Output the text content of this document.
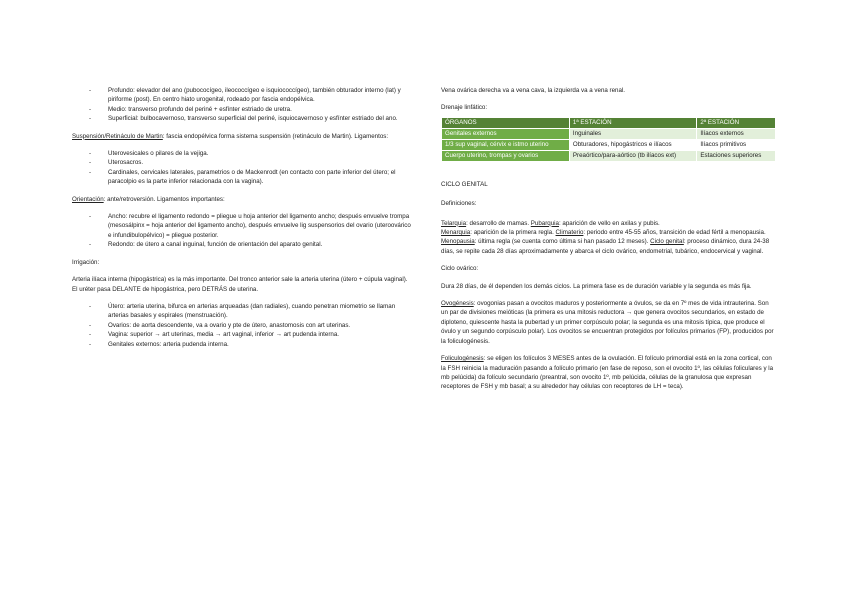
- Profundo: elevador del ano (pubococígeo, ileococcígeo e isquiococcígeo), también obturador interno (lat) y piriforme (post). En centro hiato urogenital, rodeado por fascia endopélvica.
- Medio: transverso profundo del periné + esfínter estriado de uretra.
- Superficial: bulbocavernoso, transverso superficial del periné, isquiocavernoso y esfínter estriado del ano.

Suspensión/Retináculo de Martin: fascia endopélvica forma sistema suspensión (retináculo de Martin). Ligamentos:

- Uterovesicales o pilares de la vejiga.
- Uterosacros.
- Cardinales, cervicales laterales, parametrios o de Mackenrodt (en contacto con parte inferior del útero; el paracolpio es la parte inferior relacionada con la vagina).

Orientación: ante/retroversión. Ligamentos importantes:

- Ancho: recubre el ligamento redondo = pliegue u hoja anterior del ligamento ancho; después envuelve trompa (mesosálpinx = hoja anterior del ligamento ancho), después envuelve lig suspensorios del ovario (uteroovárico e infundibulopélvico) = pliegue posterior.
- Redondo: de útero a canal inguinal, función de orientación del aparato genital.

Irrigación:

Arteria ilíaca interna (hipogástrica) es la más importante. Del tronco anterior sale la arteria uterina (útero + cúpula vaginal). El uréter pasa DELANTE de hipogástrica, pero DETRÁS de uterina.

- Útero: arteria uterina, bifurca en arterias arqueadas (dan radiales), cuando penetran miometrio se llaman arterias basales y espirales (menstruación).
- Ovarios: de aorta descendente, va a ovario y pte de útero, anastomosis con art uterinas.
- Vagina: superior → art uterinas, media → art vaginal, inferior → art pudenda interna.
- Genitales externos: arteria pudenda interna.

Vena ovárica derecha va a vena cava, la izquierda va a vena renal.

Drenaje linfático:

ÓRGANOS	1ª ESTACIÓN	2ª ESTACIÓN
Genitales externos	Inguinales	Ilíacos externos
1/3 sup vaginal, cérvix e istmo uterino	Obturadores, hipogástricos e ilíacos	Ilíacos primitivos
Cuerpo uterino, trompas y ovarios	Preaórtico/para-aórtico (tb ilíacos ext)	Estaciones superiores

CICLO GENITAL

Definiciones:

Telarquia: desarrollo de mamas. Pubarquia: aparición de vello en axilas y pubis.
Menarquia: aparición de la primera regla. Climaterio: periodo entre 45-55 años, transición de edad fértil a menopausia. Menopausia: última regla (se cuenta como última si han pasado 12 meses). Ciclo genital: proceso dinámico, dura 24-38 días, se repite cada 28 días aproximadamente y abarca el ciclo ovárico, endometrial, tubárico, endocervical y vaginal.

Ciclo ovárico:

Dura 28 días, de él dependen los demás ciclos. La primera fase es de duración variable y la segunda es más fija.

Ovogénesis: ovogonias pasan a ovocitos maduros y posteriormente a óvulos, se da en 7º mes de vida intrauterina. Son un par de divisiones meióticas (la primera es una mitosis reductora → que genera ovocitos secundarios, en estado de diploteno, quiescente hasta la pubertad y un primer corpúsculo polar; la segunda es una mitosis típica, que produce el óvulo y un segundo corpúsculo polar). Los ovocitos se encuentran protegidos por folículos primarios (FP), producidos por la foliculogénesis.

Foliculogénesis: se eligen los folículos 3 MESES antes de la ovulación. El folículo primordial está en la zona cortical, con la FSH reinicia la maduración pasando a folículo primario (en fase de reposo, son el ovocito 1º, las células foliculares y la mb pelúcida) da folículo secundario (preantral, son ovocito 1º, mb pelúcida, células de la granulosa que expresan receptores de FSH y mb basal; a su alrededor hay células con receptores de LH = teca).
